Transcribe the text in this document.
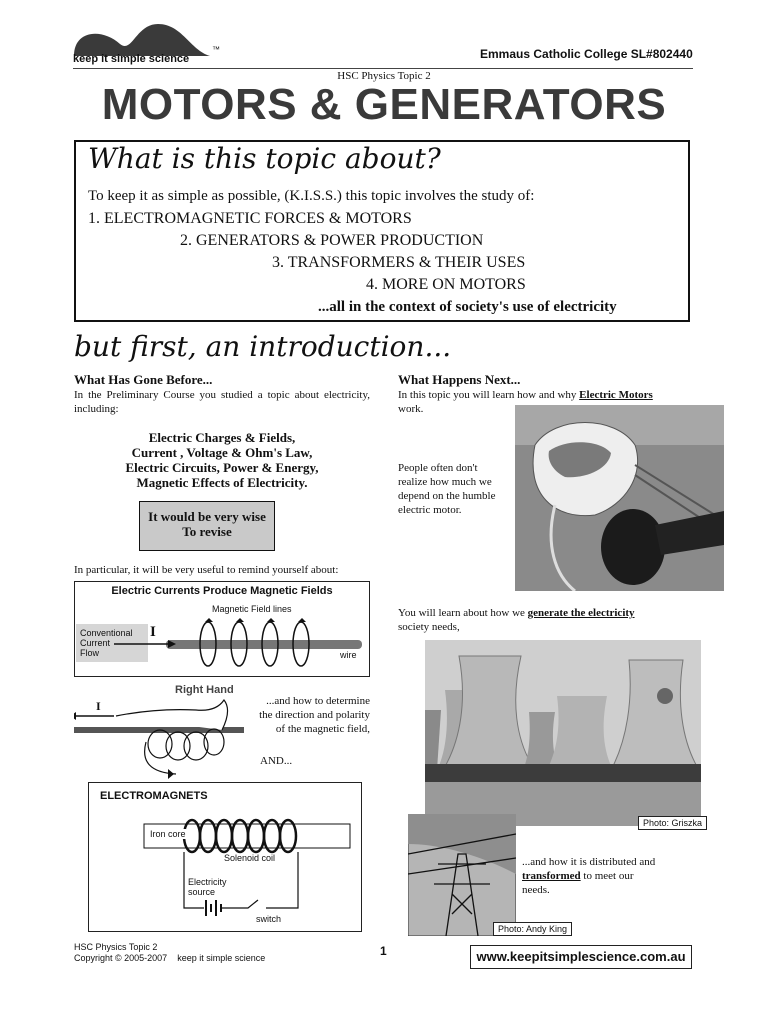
keep it simple science
™	Emmaus Catholic College SL#802440
HSC Physics Topic 2
MOTORS & GENERATORS
What is this topic about?
To keep it as simple as possible, (K.I.S.S.) this topic involves the study of:
1. ELECTROMAGNETIC FORCES & MOTORS
2. GENERATORS & POWER PRODUCTION
3. TRANSFORMERS & THEIR USES
4. MORE ON MOTORS
...all in the context of society's use of electricity
but first, an introduction...
What Has Gone Before...
In the Preliminary Course you studied a topic about electricity, including:
Electric Charges & Fields,
Current , Voltage & Ohm's Law,
Electric Circuits, Power & Energy,
Magnetic Effects of Electricity.
It would be very wise
To revise
In particular, it will be very useful to remind yourself about:
Electric Currents Produce Magnetic Fields
Magnetic Field lines
Conventional
Current
Flow
I
wire
Right Hand
I	...and how to determine
the direction and polarity
of the magnetic field,
AND...
ELECTROMAGNETS
Iron core
Solenoid coil
Electricity
source
switch
What Happens Next...
In this topic you will learn how and why Electric Motors
work.
People often don't
realize how much we
depend on the humble
electric motor.
You will learn about how we generate the electricity
society needs,
Photo: Griszka
Photo: Andy King
...and how it is distributed and
transformed to meet our
needs.
HSC Physics Topic 2
Copyright © 2005-2007    keep it simple science	1	www.keepitsimplescience.com.au
